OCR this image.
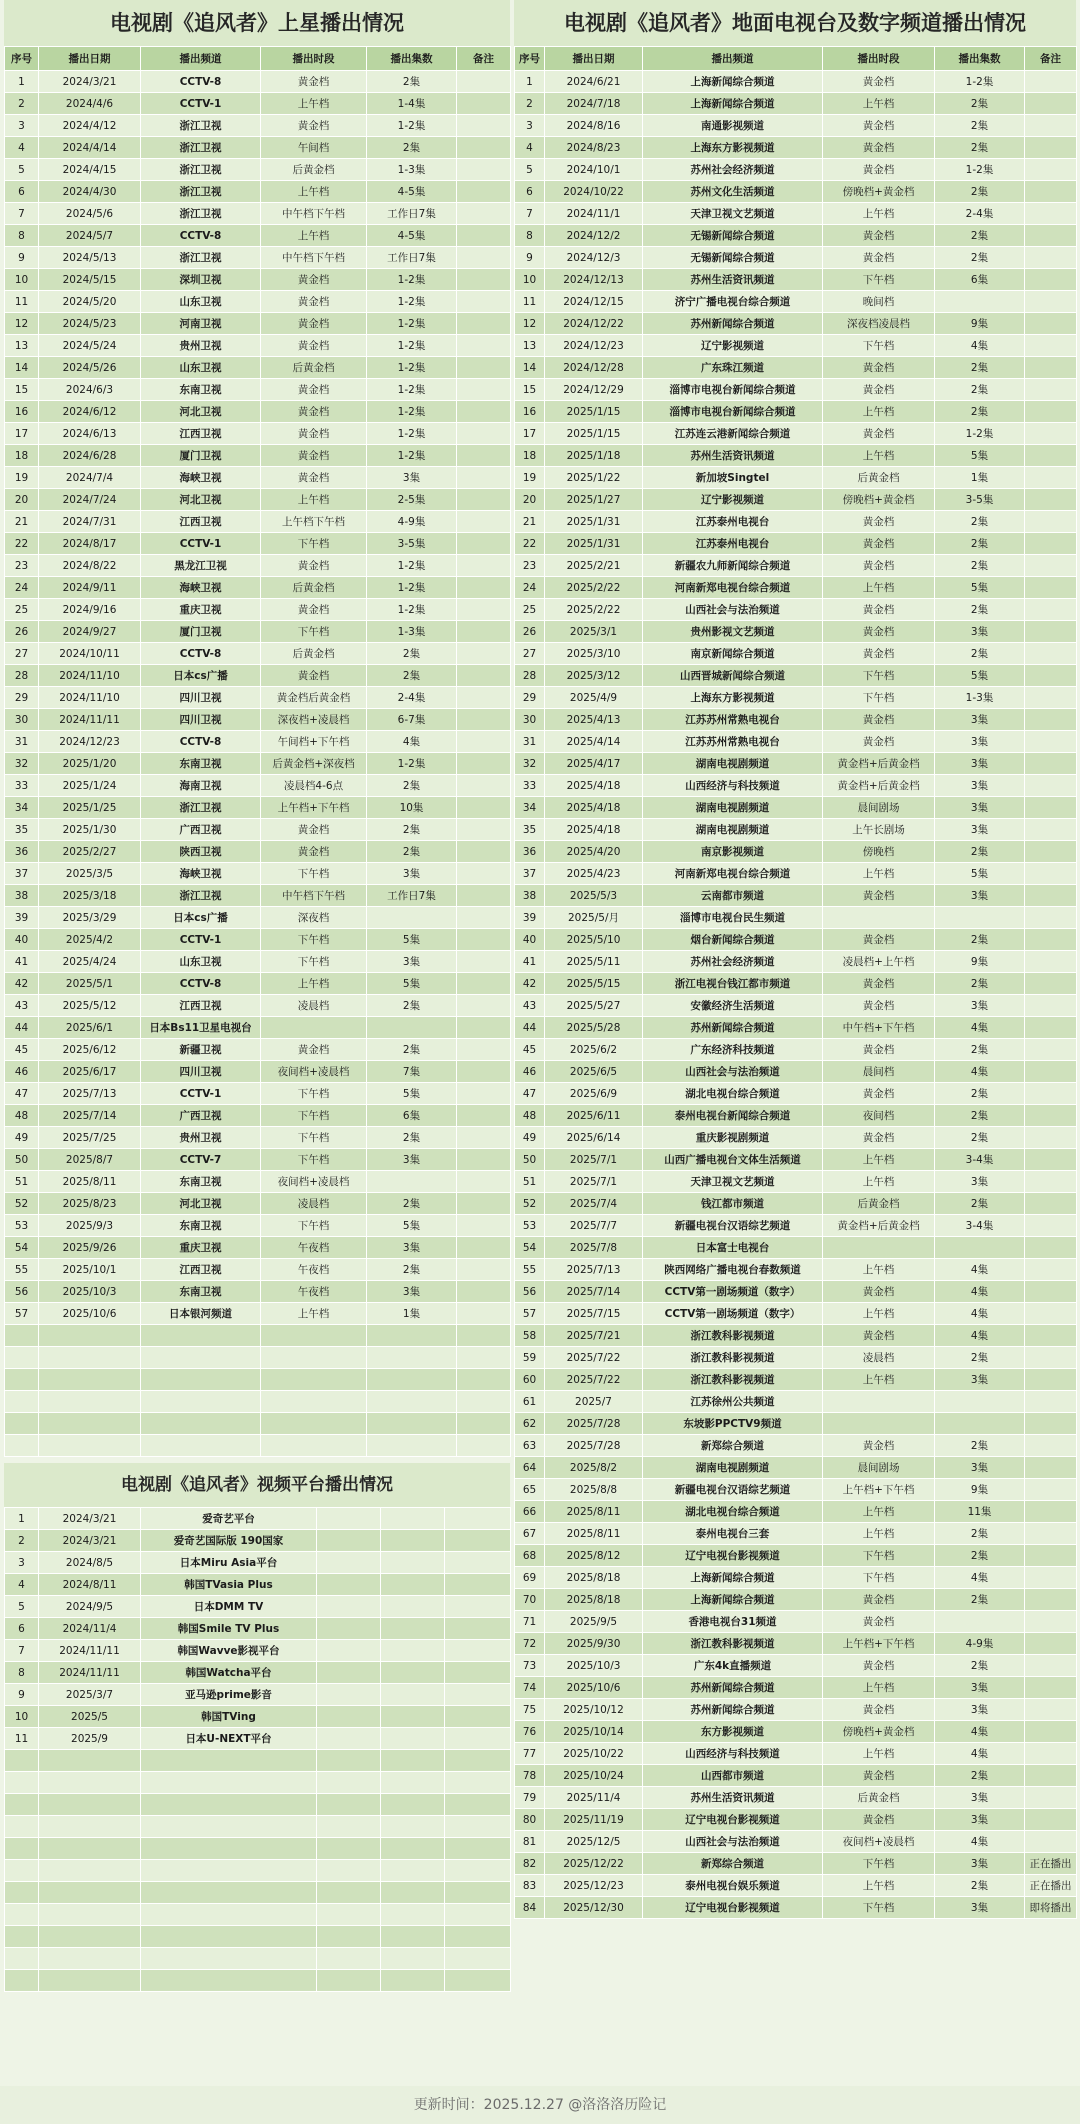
电视剧《追风者》上星播出情况
序号	播出日期	播出频道	播出时段	播出集数	备注
1	2024/3/21	CCTV-8	黄金档	2集	
2	2024/4/6	CCTV-1	上午档	1-4集	
3	2024/4/12	浙江卫视	黄金档	1-2集	
4	2024/4/14	浙江卫视	午间档	2集	
5	2024/4/15	浙江卫视	后黄金档	1-3集	
6	2024/4/30	浙江卫视	上午档	4-5集	
7	2024/5/6	浙江卫视	中午档下午档	工作日7集	
8	2024/5/7	CCTV-8	上午档	4-5集	
9	2024/5/13	浙江卫视	中午档下午档	工作日7集	
10	2024/5/15	深圳卫视	黄金档	1-2集	
11	2024/5/20	山东卫视	黄金档	1-2集	
12	2024/5/23	河南卫视	黄金档	1-2集	
13	2024/5/24	贵州卫视	黄金档	1-2集	
14	2024/5/26	山东卫视	后黄金档	1-2集	
15	2024/6/3	东南卫视	黄金档	1-2集	
16	2024/6/12	河北卫视	黄金档	1-2集	
17	2024/6/13	江西卫视	黄金档	1-2集	
18	2024/6/28	厦门卫视	黄金档	1-2集	
19	2024/7/4	海峡卫视	黄金档	3集	
20	2024/7/24	河北卫视	上午档	2-5集	
21	2024/7/31	江西卫视	上午档下午档	4-9集	
22	2024/8/17	CCTV-1	下午档	3-5集	
23	2024/8/22	黑龙江卫视	黄金档	1-2集	
24	2024/9/11	海峡卫视	后黄金档	1-2集	
25	2024/9/16	重庆卫视	黄金档	1-2集	
26	2024/9/27	厦门卫视	下午档	1-3集	
27	2024/10/11	CCTV-8	后黄金档	2集	
28	2024/11/10	日本cs广播	黄金档	2集	
29	2024/11/10	四川卫视	黄金档后黄金档	2-4集	
30	2024/11/11	四川卫视	深夜档+凌晨档	6-7集	
31	2024/12/23	CCTV-8	午间档+下午档	4集	
32	2025/1/20	东南卫视	后黄金档+深夜档	1-2集	
33	2025/1/24	海南卫视	凌晨档4-6点	2集	
34	2025/1/25	浙江卫视	上午档+下午档	10集	
35	2025/1/30	广西卫视	黄金档	2集	
36	2025/2/27	陕西卫视	黄金档	2集	
37	2025/3/5	海峡卫视	下午档	3集	
38	2025/3/18	浙江卫视	中午档下午档	工作日7集	
39	2025/3/29	日本cs广播	深夜档		
40	2025/4/2	CCTV-1	下午档	5集	
41	2025/4/24	山东卫视	下午档	3集	
42	2025/5/1	CCTV-8	上午档	5集	
43	2025/5/12	江西卫视	凌晨档	2集	
44	2025/6/1	日本Bs11卫星电视台			
45	2025/6/12	新疆卫视	黄金档	2集	
46	2025/6/17	四川卫视	夜间档+凌晨档	7集	
47	2025/7/13	CCTV-1	下午档	5集	
48	2025/7/14	广西卫视	下午档	6集	
49	2025/7/25	贵州卫视	下午档	2集	
50	2025/8/7	CCTV-7	下午档	3集	
51	2025/8/11	东南卫视	夜间档+凌晨档		
52	2025/8/23	河北卫视	凌晨档	2集	
53	2025/9/3	东南卫视	下午档	5集	
54	2025/9/26	重庆卫视	午夜档	3集	
55	2025/10/1	江西卫视	午夜档	2集	
56	2025/10/3	东南卫视	午夜档	3集	
57	2025/10/6	日本银河频道	上午档	1集	

电视剧《追风者》视频平台播出情况
1	2024/3/21	爱奇艺平台			
2	2024/3/21	爱奇艺国际版 190国家			
3	2024/8/5	日本Miru Asia平台			
4	2024/8/11	韩国TVasia Plus			
5	2024/9/5	日本DMM TV			
6	2024/11/4	韩国Smile TV Plus			
7	2024/11/11	韩国Wavve影视平台			
8	2024/11/11	韩国Watcha平台			
9	2025/3/7	亚马逊prime影音			
10	2025/5	韩国TVing			
11	2025/9	日本U-NEXT平台			

电视剧《追风者》地面电视台及数字频道播出情况
序号	播出日期	播出频道	播出时段	播出集数	备注
1	2024/6/21	上海新闻综合频道	黄金档	1-2集	
2	2024/7/18	上海新闻综合频道	上午档	2集	
3	2024/8/16	南通影视频道	黄金档	2集	
4	2024/8/23	上海东方影视频道	黄金档	2集	
5	2024/10/1	苏州社会经济频道	黄金档	1-2集	
6	2024/10/22	苏州文化生活频道	傍晚档+黄金档	2集	
7	2024/11/1	天津卫视文艺频道	上午档	2-4集	
8	2024/12/2	无锡新闻综合频道	黄金档	2集	
9	2024/12/3	无锡新闻综合频道	黄金档	2集	
10	2024/12/13	苏州生活资讯频道	下午档	6集	
11	2024/12/15	济宁广播电视台综合频道	晚间档		
12	2024/12/22	苏州新闻综合频道	深夜档凌晨档	9集	
13	2024/12/23	辽宁影视频道	下午档	4集	
14	2024/12/28	广东珠江频道	黄金档	2集	
15	2024/12/29	淄博市电视台新闻综合频道	黄金档	2集	
16	2025/1/15	淄博市电视台新闻综合频道	上午档	2集	
17	2025/1/15	江苏连云港新闻综合频道	黄金档	1-2集	
18	2025/1/18	苏州生活资讯频道	上午档	5集	
19	2025/1/22	新加坡Singtel	后黄金档	1集	
20	2025/1/27	辽宁影视频道	傍晚档+黄金档	3-5集	
21	2025/1/31	江苏泰州电视台	黄金档	2集	
22	2025/1/31	江苏泰州电视台	黄金档	2集	
23	2025/2/21	新疆农九师新闻综合频道	黄金档	2集	
24	2025/2/22	河南新郑电视台综合频道	上午档	5集	
25	2025/2/22	山西社会与法治频道	黄金档	2集	
26	2025/3/1	贵州影视文艺频道	黄金档	3集	
27	2025/3/10	南京新闻综合频道	黄金档	2集	
28	2025/3/12	山西晋城新闻综合频道	下午档	5集	
29	2025/4/9	上海东方影视频道	下午档	1-3集	
30	2025/4/13	江苏苏州常熟电视台	黄金档	3集	
31	2025/4/14	江苏苏州常熟电视台	黄金档	3集	
32	2025/4/17	湖南电视剧频道	黄金档+后黄金档	3集	
33	2025/4/18	山西经济与科技频道	黄金档+后黄金档	3集	
34	2025/4/18	湖南电视剧频道	晨间剧场	3集	
35	2025/4/18	湖南电视剧频道	上午长剧场	3集	
36	2025/4/20	南京影视频道	傍晚档	2集	
37	2025/4/23	河南新郑电视台综合频道	上午档	5集	
38	2025/5/3	云南都市频道	黄金档	3集	
39	2025/5/月	淄博市电视台民生频道			
40	2025/5/10	烟台新闻综合频道	黄金档	2集	
41	2025/5/11	苏州社会经济频道	凌晨档+上午档	9集	
42	2025/5/15	浙江电视台钱江都市频道	黄金档	2集	
43	2025/5/27	安徽经济生活频道	黄金档	3集	
44	2025/5/28	苏州新闻综合频道	中午档+下午档	4集	
45	2025/6/2	广东经济科技频道	黄金档	2集	
46	2025/6/5	山西社会与法治频道	晨间档	4集	
47	2025/6/9	湖北电视台综合频道	黄金档	2集	
48	2025/6/11	泰州电视台新闻综合频道	夜间档	2集	
49	2025/6/14	重庆影视剧频道	黄金档	2集	
50	2025/7/1	山西广播电视台文体生活频道	上午档	3-4集	
51	2025/7/1	天津卫视文艺频道	上午档	3集	
52	2025/7/4	钱江都市频道	后黄金档	2集	
53	2025/7/7	新疆电视台汉语综艺频道	黄金档+后黄金档	3-4集	
54	2025/7/8	日本富士电视台			
55	2025/7/13	陕西网络广播电视台春数频道	上午档	4集	
56	2025/7/14	CCTV第一剧场频道（数字）	黄金档	4集	
57	2025/7/15	CCTV第一剧场频道（数字）	上午档	4集	
58	2025/7/21	浙江教科影视频道	黄金档	4集	
59	2025/7/22	浙江教科影视频道	凌晨档	2集	
60	2025/7/22	浙江教科影视频道	上午档	3集	
61	2025/7	江苏徐州公共频道			
62	2025/7/28	东坡影PPCTV9频道			
63	2025/7/28	新郑综合频道	黄金档	2集	
64	2025/8/2	湖南电视剧频道	晨间剧场	3集	
65	2025/8/8	新疆电视台汉语综艺频道	上午档+下午档	9集	
66	2025/8/11	湖北电视台综合频道	上午档	11集	
67	2025/8/11	泰州电视台三套	上午档	2集	
68	2025/8/12	辽宁电视台影视频道	下午档	2集	
69	2025/8/18	上海新闻综合频道	下午档	4集	
70	2025/8/18	上海新闻综合频道	黄金档	2集	
71	2025/9/5	香港电视台31频道	黄金档		
72	2025/9/30	浙江教科影视频道	上午档+下午档	4-9集	
73	2025/10/3	广东4k直播频道	黄金档	2集	
74	2025/10/6	苏州新闻综合频道	上午档	3集	
75	2025/10/12	苏州新闻综合频道	黄金档	3集	
76	2025/10/14	东方影视频道	傍晚档+黄金档	4集	
77	2025/10/22	山西经济与科技频道	上午档	4集	
78	2025/10/24	山西都市频道	黄金档	2集	
79	2025/11/4	苏州生活资讯频道	后黄金档	3集	
80	2025/11/19	辽宁电视台影视频道	黄金档	3集	
81	2025/12/5	山西社会与法治频道	夜间档+凌晨档	4集	
82	2025/12/22	新郑综合频道	下午档	3集	正在播出
83	2025/12/23	泰州电视台娱乐频道	上午档	2集	正在播出
84	2025/12/30	辽宁电视台影视频道	下午档	3集	即将播出
更新时间：2025.12.27 @洛洛洛历险记
